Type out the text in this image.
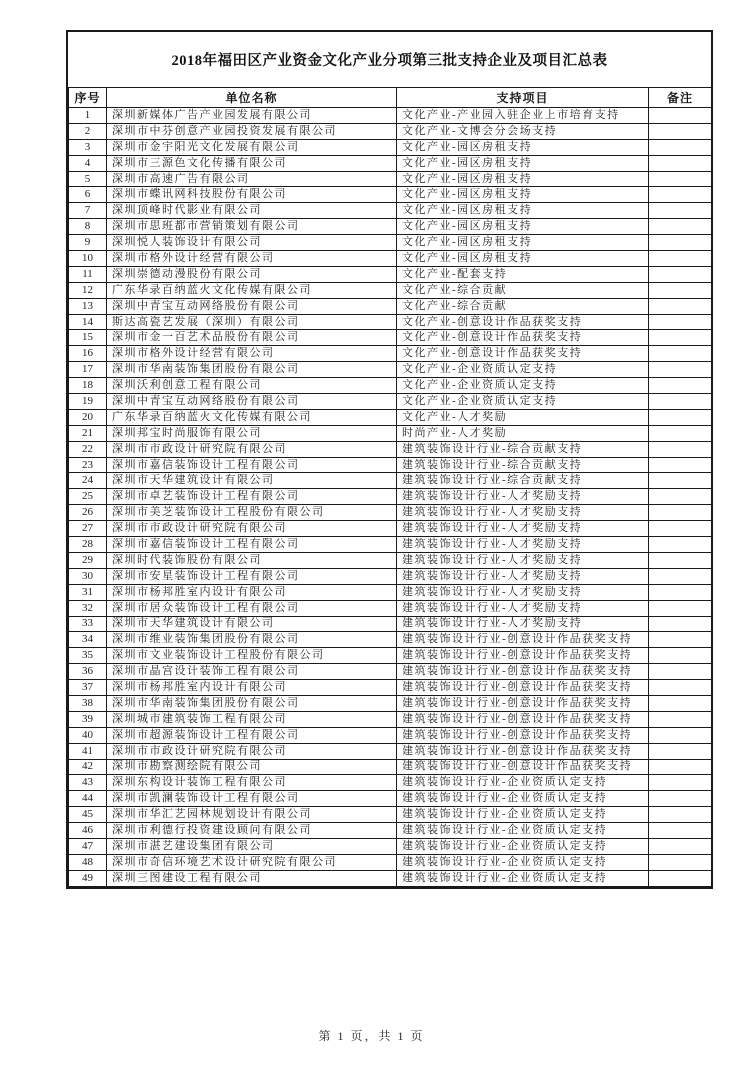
2018年福田区产业资金文化产业分项第三批支持企业及项目汇总表
序号	单位名称	支持项目	备注
1	深圳新媒体广告产业园发展有限公司	文化产业-产业园入驻企业上市培育支持	
2	深圳市中芬创意产业园投资发展有限公司	文化产业-文博会分会场支持	
3	深圳市金宇阳光文化发展有限公司	文化产业-园区房租支持	
4	深圳市三源色文化传播有限公司	文化产业-园区房租支持	
5	深圳市高速广告有限公司	文化产业-园区房租支持	
6	深圳市蝶讯网科技股份有限公司	文化产业-园区房租支持	
7	深圳顶峰时代影业有限公司	文化产业-园区房租支持	
8	深圳市思班都市营销策划有限公司	文化产业-园区房租支持	
9	深圳悦人装饰设计有限公司	文化产业-园区房租支持	
10	深圳市格外设计经营有限公司	文化产业-园区房租支持	
11	深圳崇德动漫股份有限公司	文化产业-配套支持	
12	广东华录百纳蓝火文化传媒有限公司	文化产业-综合贡献	
13	深圳中青宝互动网络股份有限公司	文化产业-综合贡献	
14	斯达高瓷艺发展（深圳）有限公司	文化产业-创意设计作品获奖支持	
15	深圳市金一百艺术品股份有限公司	文化产业-创意设计作品获奖支持	
16	深圳市格外设计经营有限公司	文化产业-创意设计作品获奖支持	
17	深圳市华南装饰集团股份有限公司	文化产业-企业资质认定支持	
18	深圳沃利创意工程有限公司	文化产业-企业资质认定支持	
19	深圳中青宝互动网络股份有限公司	文化产业-企业资质认定支持	
20	广东华录百纳蓝火文化传媒有限公司	文化产业-人才奖励	
21	深圳邦宝时尚服饰有限公司	时尚产业-人才奖励	
22	深圳市市政设计研究院有限公司	建筑装饰设计行业-综合贡献支持	
23	深圳市嘉信装饰设计工程有限公司	建筑装饰设计行业-综合贡献支持	
24	深圳市天华建筑设计有限公司	建筑装饰设计行业-综合贡献支持	
25	深圳市卓艺装饰设计工程有限公司	建筑装饰设计行业-人才奖励支持	
26	深圳市美芝装饰设计工程股份有限公司	建筑装饰设计行业-人才奖励支持	
27	深圳市市政设计研究院有限公司	建筑装饰设计行业-人才奖励支持	
28	深圳市嘉信装饰设计工程有限公司	建筑装饰设计行业-人才奖励支持	
29	深圳时代装饰股份有限公司	建筑装饰设计行业-人才奖励支持	
30	深圳市安星装饰设计工程有限公司	建筑装饰设计行业-人才奖励支持	
31	深圳市杨邦胜室内设计有限公司	建筑装饰设计行业-人才奖励支持	
32	深圳市居众装饰设计工程有限公司	建筑装饰设计行业-人才奖励支持	
33	深圳市天华建筑设计有限公司	建筑装饰设计行业-人才奖励支持	
34	深圳市维业装饰集团股份有限公司	建筑装饰设计行业-创意设计作品获奖支持	
35	深圳市文业装饰设计工程股份有限公司	建筑装饰设计行业-创意设计作品获奖支持	
36	深圳市晶宫设计装饰工程有限公司	建筑装饰设计行业-创意设计作品获奖支持	
37	深圳市杨邦胜室内设计有限公司	建筑装饰设计行业-创意设计作品获奖支持	
38	深圳市华南装饰集团股份有限公司	建筑装饰设计行业-创意设计作品获奖支持	
39	深圳城市建筑装饰工程有限公司	建筑装饰设计行业-创意设计作品获奖支持	
40	深圳市超源装饰设计工程有限公司	建筑装饰设计行业-创意设计作品获奖支持	
41	深圳市市政设计研究院有限公司	建筑装饰设计行业-创意设计作品获奖支持	
42	深圳市勘察测绘院有限公司	建筑装饰设计行业-创意设计作品获奖支持	
43	深圳东构设计装饰工程有限公司	建筑装饰设计行业-企业资质认定支持	
44	深圳市凯澜装饰设计工程有限公司	建筑装饰设计行业-企业资质认定支持	
45	深圳市华汇艺园林规划设计有限公司	建筑装饰设计行业-企业资质认定支持	
46	深圳市利德行投资建设顾问有限公司	建筑装饰设计行业-企业资质认定支持	
47	深圳市湛艺建设集团有限公司	建筑装饰设计行业-企业资质认定支持	
48	深圳市奇信环境艺术设计研究院有限公司	建筑装饰设计行业-企业资质认定支持	
49	深圳三图建设工程有限公司	建筑装饰设计行业-企业资质认定支持	
第 1 页，共 1 页
